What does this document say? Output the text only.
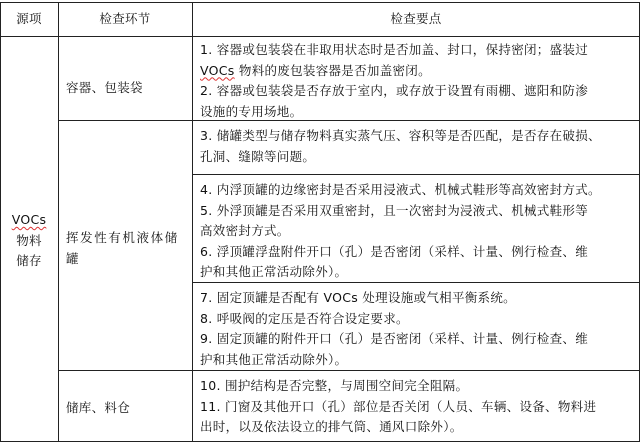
源项	检查环节	检查要点
VOCs
物料
储存
容器、包装袋
挥发性有机液体储
罐
储库、料仓
1. 容器或包装袋在非取用状态时是否加盖、封口，保持密闭；盛装过
VOCs 物料的废包装容器是否加盖密闭。
2. 容器或包装袋是否存放于室内，或存放于设置有雨棚、遮阳和防渗
设施的专用场地。
3. 储罐类型与储存物料真实蒸气压、容积等是否匹配，是否存在破损、
孔洞、缝隙等问题。
4. 内浮顶罐的边缘密封是否采用浸液式、机械式鞋形等高效密封方式。
5. 外浮顶罐是否采用双重密封，且一次密封为浸液式、机械式鞋形等
高效密封方式。
6. 浮顶罐浮盘附件开口（孔）是否密闭（采样、计量、例行检查、维
护和其他正常活动除外）。
7. 固定顶罐是否配有 VOCs 处理设施或气相平衡系统。
8. 呼吸阀的定压是否符合设定要求。
9. 固定顶罐的附件开口（孔）是否密闭（采样、计量、例行检查、维
护和其他正常活动除外）。
10. 围护结构是否完整，与周围空间完全阻隔。
11. 门窗及其他开口（孔）部位是否关闭（人员、车辆、设备、物料进
出时，以及依法设立的排气筒、通风口除外）。
